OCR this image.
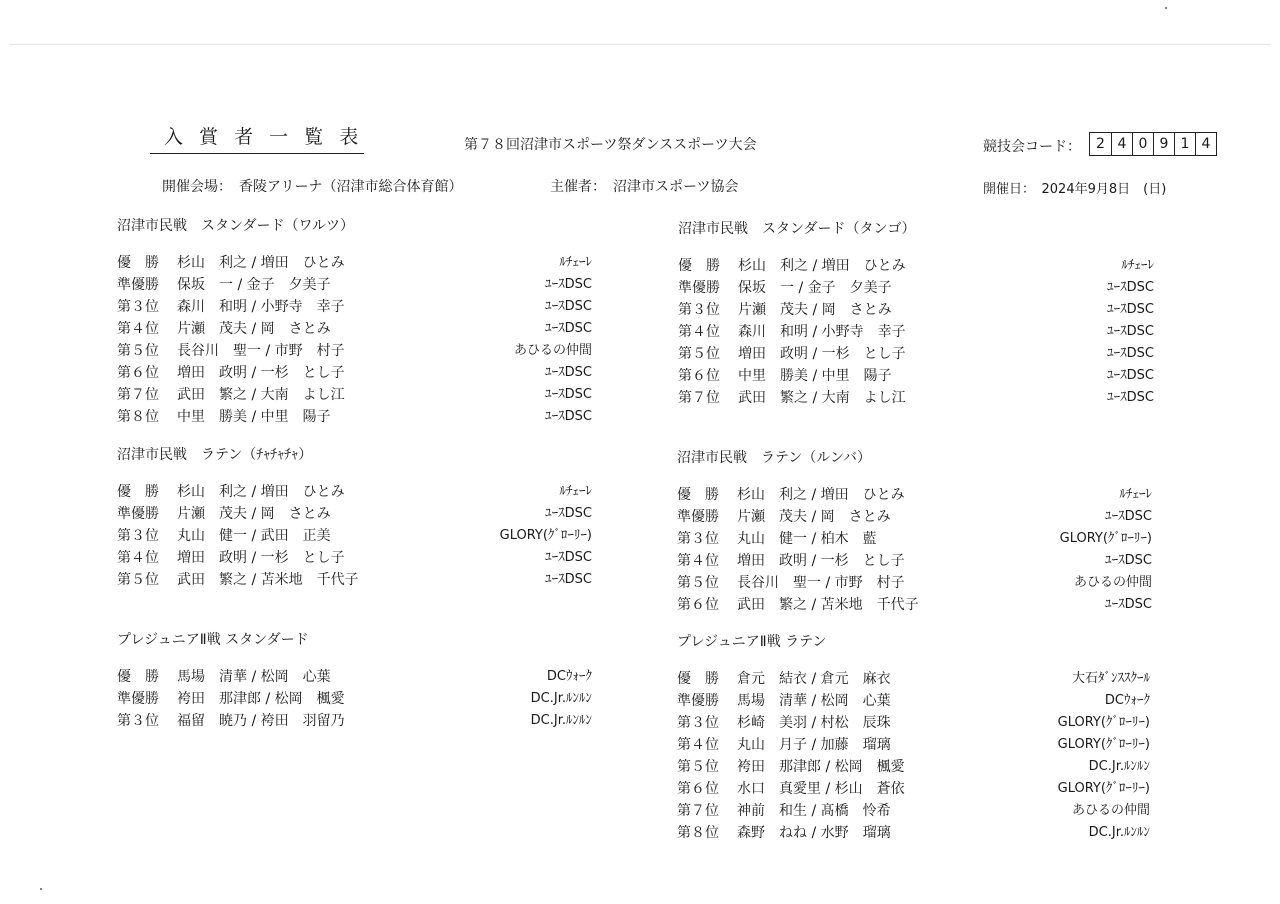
入 賞 者 一 覧 表	第７８回沼津市スポーツ祭ダンススポーツ大会	競技会コード：	2 4 0 9 1 4
開催会場：　香陵アリーナ（沼津市総合体育館）	主催者：　沼津市スポーツ協会	開催日：　2024年9月8日　(日)
沼津市民戦　スタンダード（ワルツ）
優　勝 杉山　利之 / 増田　ひとみ	ﾙﾁｪｰﾚ
準優勝 保坂　一 / 金子　夕美子	ﾕｰｽDSC
第３位 森川　和明 / 小野寺　幸子	ﾕｰｽDSC
第４位 片瀬　茂夫 / 岡　さとみ	ﾕｰｽDSC
第５位 長谷川　聖一 / 市野　村子	あひるの仲間
第６位 増田　政明 / 一杉　とし子	ﾕｰｽDSC
第７位 武田　繁之 / 大南　よし江	ﾕｰｽDSC
第８位 中里　勝美 / 中里　陽子	ﾕｰｽDSC
沼津市民戦　スタンダード（タンゴ）
優　勝 杉山　利之 / 増田　ひとみ	ﾙﾁｪｰﾚ
準優勝 保坂　一 / 金子　夕美子	ﾕｰｽDSC
第３位 片瀬　茂夫 / 岡　さとみ	ﾕｰｽDSC
第４位 森川　和明 / 小野寺　幸子	ﾕｰｽDSC
第５位 増田　政明 / 一杉　とし子	ﾕｰｽDSC
第６位 中里　勝美 / 中里　陽子	ﾕｰｽDSC
第７位 武田　繁之 / 大南　よし江	ﾕｰｽDSC
沼津市民戦　ラテン（ﾁｬﾁｬﾁｬ）
優　勝 杉山　利之 / 増田　ひとみ	ﾙﾁｪｰﾚ
準優勝 片瀬　茂夫 / 岡　さとみ	ﾕｰｽDSC
第３位 丸山　健一 / 武田　正美	GLORY(ｸﾞﾛｰﾘｰ)
第４位 増田　政明 / 一杉　とし子	ﾕｰｽDSC
第５位 武田　繁之 / 苫米地　千代子	ﾕｰｽDSC
沼津市民戦　ラテン（ルンバ）
優　勝 杉山　利之 / 増田　ひとみ	ﾙﾁｪｰﾚ
準優勝 片瀬　茂夫 / 岡　さとみ	ﾕｰｽDSC
第３位 丸山　健一 / 柏木　藍	GLORY(ｸﾞﾛｰﾘｰ)
第４位 増田　政明 / 一杉　とし子	ﾕｰｽDSC
第５位 長谷川　聖一 / 市野　村子	あひるの仲間
第６位 武田　繁之 / 苫米地　千代子	ﾕｰｽDSC
プレジュニアⅡ戦 スタンダード
優　勝 馬場　清華 / 松岡　心葉	DCｳｫｰｸ
準優勝 袴田　那津郎 / 松岡　楓愛	DC.Jr.ﾙﾝﾙﾝ
第３位 福留　暁乃 / 袴田　羽留乃	DC.Jr.ﾙﾝﾙﾝ
プレジュニアⅡ戦 ラテン
優　勝 倉元　結衣 / 倉元　麻衣	大石ﾀﾞﾝｽｽｸｰﾙ
準優勝 馬場　清華 / 松岡　心葉	DCｳｫｰｸ
第３位 杉崎　美羽 / 村松　辰珠	GLORY(ｸﾞﾛｰﾘｰ)
第４位 丸山　月子 / 加藤　瑠璃	GLORY(ｸﾞﾛｰﾘｰ)
第５位 袴田　那津郎 / 松岡　楓愛	DC.Jr.ﾙﾝﾙﾝ
第６位 水口　真愛里 / 杉山　蒼依	GLORY(ｸﾞﾛｰﾘｰ)
第７位 神前　和生 / 髙橋　怜希	あひるの仲間
第８位 森野　ねね / 水野　瑠璃	DC.Jr.ﾙﾝﾙﾝ
